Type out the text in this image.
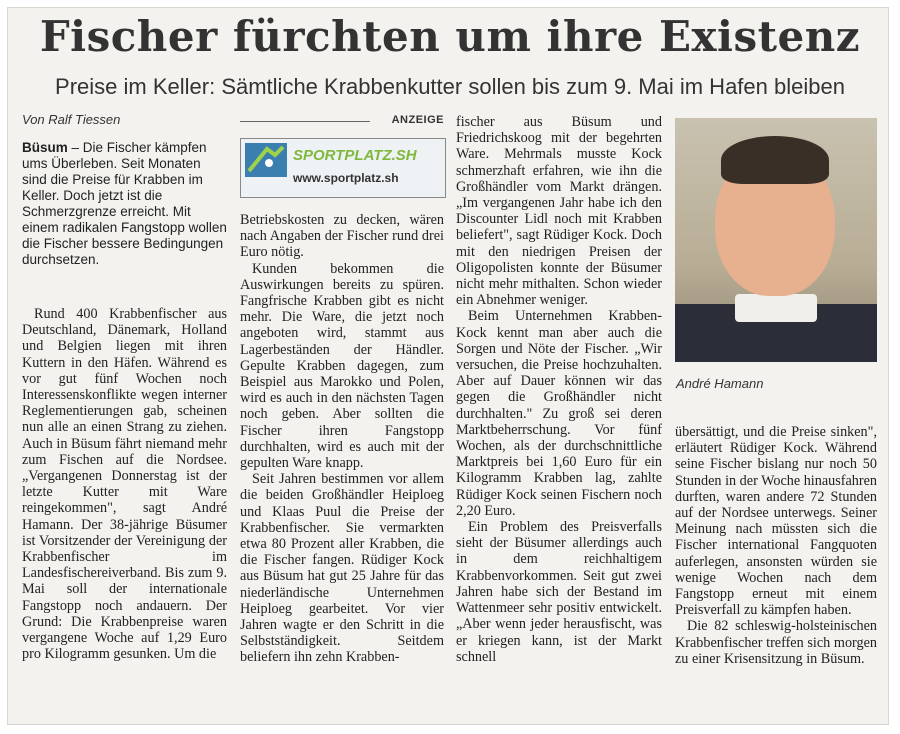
Fischer fürchten um ihre Existenz
Preise im Keller: Sämtliche Krabbenkutter sollen bis zum 9. Mai im Hafen bleiben
Von Ralf Tiessen
Büsum – Die Fischer kämpfen ums Überleben. Seit Monaten sind die Preise für Krabben im Keller. Doch jetzt ist die Schmerzgrenze erreicht. Mit einem radikalen Fangstopp wollen die Fischer bessere Bedingungen durchsetzen.

Rund 400 Krabbenfischer aus Deutschland, Dänemark, Holland und Belgien liegen mit ihren Kuttern in den Häfen. Während es vor gut fünf Wochen noch Interessenskonflikte wegen interner Reglementierungen gab, scheinen nun alle an einen Strang zu ziehen. Auch in Büsum fährt niemand mehr zum Fischen auf die Nordsee. „Vergangenen Donnerstag ist der letzte Kutter mit Ware reingekommen", sagt André Hamann. Der 38-jährige Büsumer ist Vorsitzender der Vereinigung der Krabbenfischer im Landesfischereiverband. Bis zum 9. Mai soll der internationale Fangstopp noch andauern. Der Grund: Die Krabbenpreise waren vergangene Woche auf 1,29 Euro pro Kilogramm gesunken. Um die

ANZEIGE
SPORTPLATZ.SH
www.sportplatz.sh

Betriebskosten zu decken, wären nach Angaben der Fischer rund drei Euro nötig.

Kunden bekommen die Auswirkungen bereits zu spüren. Fangfrische Krabben gibt es nicht mehr. Die Ware, die jetzt noch angeboten wird, stammt aus Lagerbeständen der Händler. Gepulte Krabben dagegen, zum Beispiel aus Marokko und Polen, wird es auch in den nächsten Tagen noch geben. Aber sollten die Fischer ihren Fangstopp durchhalten, wird es auch mit der gepulten Ware knapp.

Seit Jahren bestimmen vor allem die beiden Großhändler Heiploeg und Klaas Puul die Preise der Krabbenfischer. Sie vermarkten etwa 80 Prozent aller Krabben, die die Fischer fangen. Rüdiger Kock aus Büsum hat gut 25 Jahre für das niederländische Unternehmen Heiploeg gearbeitet. Vor vier Jahren wagte er den Schritt in die Selbstständigkeit. Seitdem beliefern ihn zehn Krabben-

fischer aus Büsum und Friedrichskoog mit der begehrten Ware. Mehrmals musste Kock schmerzhaft erfahren, wie ihn die Großhändler vom Markt drängen. „Im vergangenen Jahr habe ich den Discounter Lidl noch mit Krabben beliefert", sagt Rüdiger Kock. Doch mit den niedrigen Preisen der Oligopolisten konnte der Büsumer nicht mehr mithalten. Schon wieder ein Abnehmer weniger.

Beim Unternehmen Krabben-Kock kennt man aber auch die Sorgen und Nöte der Fischer. „Wir versuchen, die Preise hochzuhalten. Aber auf Dauer können wir das gegen die Großhändler nicht durchhalten." Zu groß sei deren Marktbeherrschung. Vor fünf Wochen, als der durchschnittliche Marktpreis bei 1,60 Euro für ein Kilogramm Krabben lag, zahlte Rüdiger Kock seinen Fischern noch 2,20 Euro.

Ein Problem des Preisverfalls sieht der Büsumer allerdings auch in dem reichhaltigem Krabbenvorkommen. Seit gut zwei Jahren habe sich der Bestand im Wattenmeer sehr positiv entwickelt. „Aber wenn jeder herausfischt, was er kriegen kann, ist der Markt schnell

André Hamann

übersättigt, und die Preise sinken", erläutert Rüdiger Kock. Während seine Fischer bislang nur noch 50 Stunden in der Woche hinausfahren durften, waren andere 72 Stunden auf der Nordsee unterwegs. Seiner Meinung nach müssten sich die Fischer international Fangquoten auferlegen, ansonsten würden sie wenige Wochen nach dem Fangstopp erneut mit einem Preisverfall zu kämpfen haben.

Die 82 schleswig-holsteinischen Krabbenfischer treffen sich morgen zu einer Krisensitzung in Büsum.
